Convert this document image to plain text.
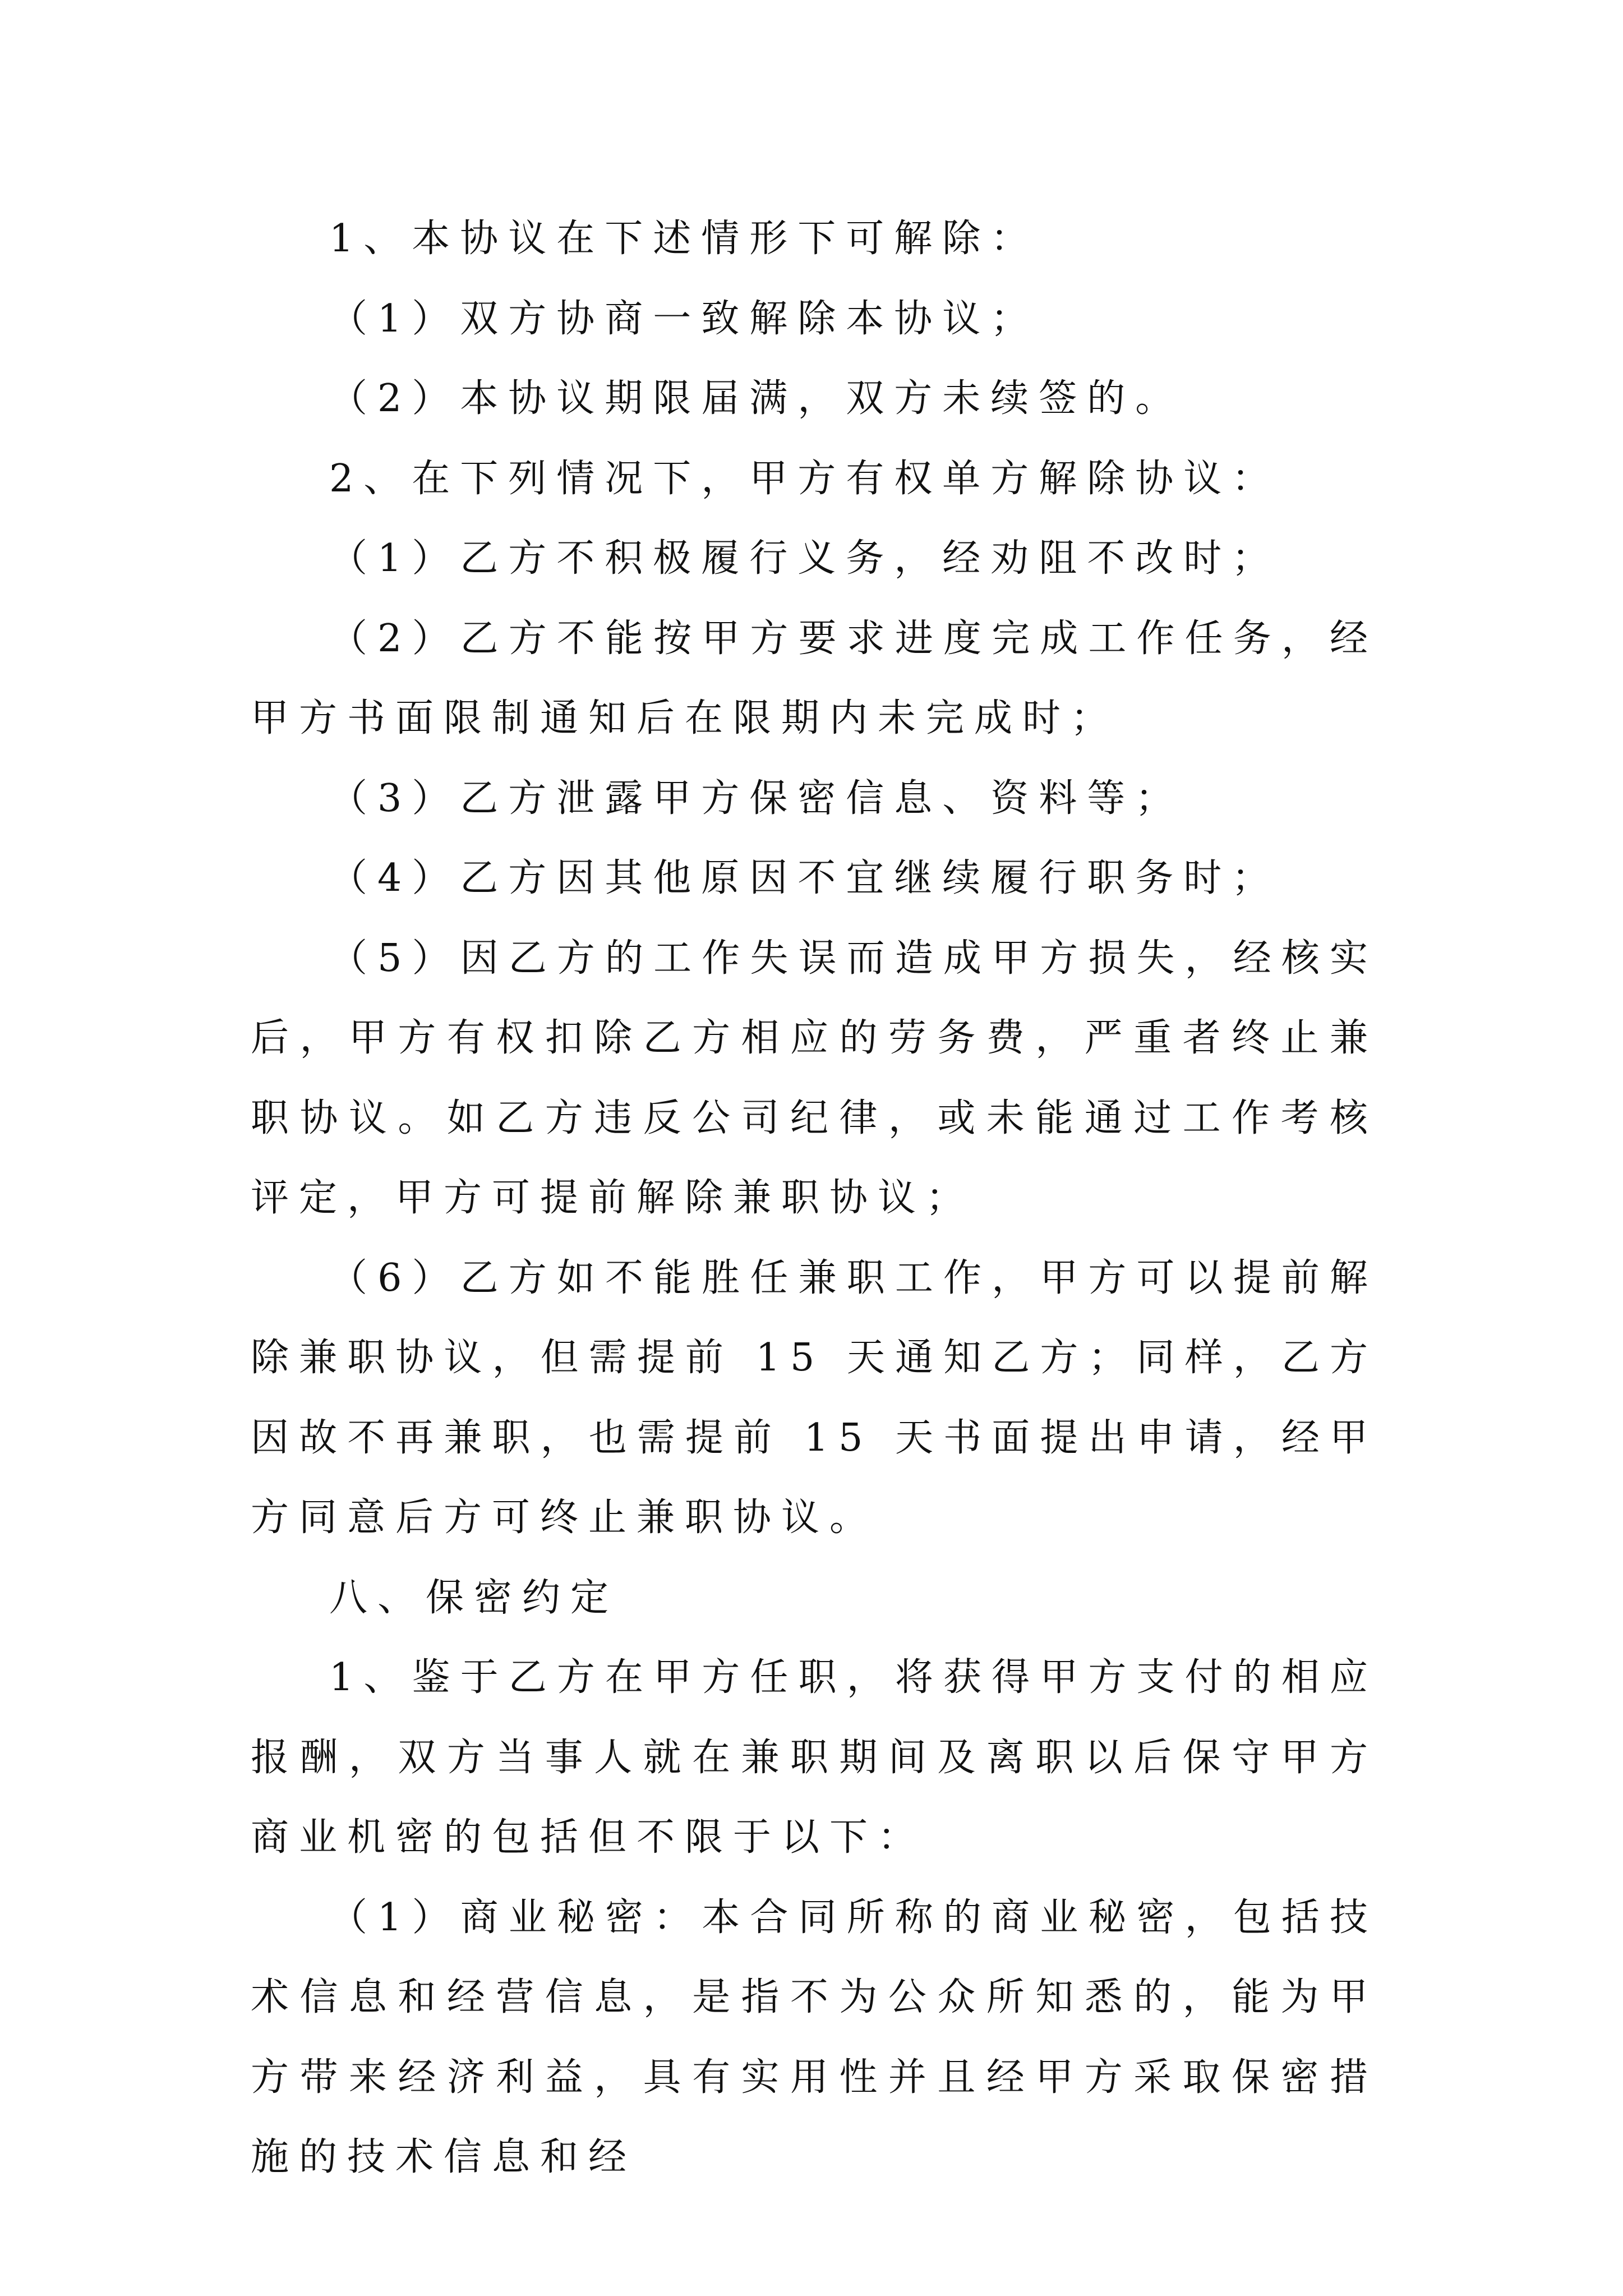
1、本协议在下述情形下可解除：

（1）双方协商一致解除本协议；

（2）本协议期限届满，双方未续签的。

2、在下列情况下，甲方有权单方解除协议：

（1）乙方不积极履行义务，经劝阻不改时；

（2）乙方不能按甲方要求进度完成工作任务，经甲方书面限制通知后在限期内未完成时；

（3）乙方泄露甲方保密信息、资料等；

（4）乙方因其他原因不宜继续履行职务时；

（5）因乙方的工作失误而造成甲方损失，经核实后，甲方有权扣除乙方相应的劳务费，严重者终止兼职协议。如乙方违反公司纪律，或未能通过工作考核评定，甲方可提前解除兼职协议；

（6）乙方如不能胜任兼职工作，甲方可以提前解除兼职协议，但需提前 15 天通知乙方；同样，乙方因故不再兼职，也需提前 15 天书面提出申请，经甲方同意后方可终止兼职协议。

八、保密约定

1、鉴于乙方在甲方任职，将获得甲方支付的相应报酬，双方当事人就在兼职期间及离职以后保守甲方商业机密的包括但不限于以下：

（1）商业秘密：本合同所称的商业秘密，包括技术信息和经营信息，是指不为公众所知悉的，能为甲方带来经济利益，具有实用性并且经甲方采取保密措施的技术信息和经
